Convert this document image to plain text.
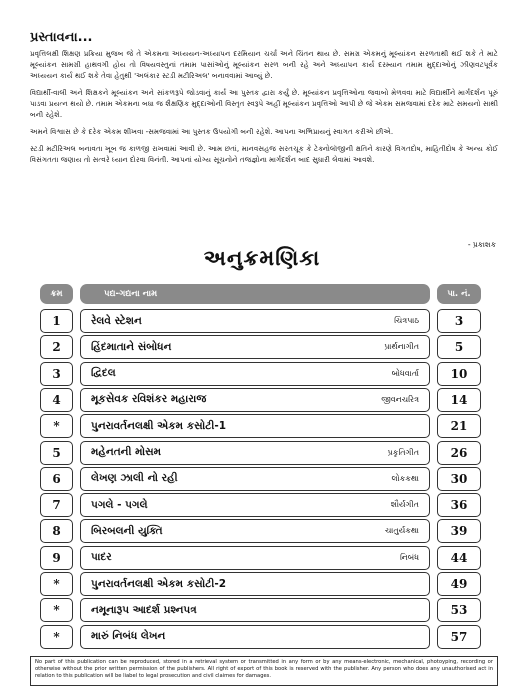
પ્રસ્તાવના...

પ્રવૃત્તિલક્ષી શિક્ષણ પ્રક્રિયા મુજબ જે તે એકમના અધ્યયન-અધ્યાપન દરમિયાન ચર્ચા અને ચિંતન થાય છે. સમગ્ર એકમનું મૂલ્યાંકન સરળતાથી થઈ શકે તે માટે મૂલ્યાંકન સામગ્રી હાથવગી હોય તો વિષયવસ્તુનાં તમામ પાસાંઓનું મૂલ્યાંકન સરળ બની રહે અને અધ્યાપન કાર્ય દરમ્યાન તમામ મુદ્દાઓનું ઝીણવટપૂર્વક અધ્યયન કાર્ય થઈ શકે તેવા હેતુથી 'અલંકાર સ્ટડી મટીરિઅલ' બનાવવામાં આવ્યું છે.

વિદ્યાર્થી-વાલી અને શિક્ષકને મૂલ્યાંકન અને સાંકળરૂપે જોડવાનું કાર્ય આ પુસ્તક દ્વારા કર્યું છે. મૂલ્યાંકન પ્રવૃત્તિઓના જવાબો મેળવવા માટે વિદ્યાર્થીને માર્ગદર્શન પૂરું પાડવા પ્રયત્ન થયો છે. તમામ એકમના બધા જ શૈક્ષણિક મુદ્દાઓની વિસ્તૃત સ્વરૂપે અહીં મૂલ્યાંકન પ્રવૃત્તિઓ આપી છે જે એકમ સમજવામાં દરેક માટે સમયનો સાથી બની રહેશે.

અમને વિશ્વાસ છે કે દરેક એકમ શીખવા -સમજવામાં આ પુસ્તક ઉપયોગી બની રહેશે. આપના અભિપ્રાયનું સ્વાગત કરીએ છીએ.

સ્ટડી મટીરિઅલ બનાવતા ખૂબ જ કાળજી રાખવામાં આવી છે. આમ છતાં, માનવસહજ સરતચૂક કે ટેક્નોલૉજીની ક્ષતિને કારણે વિગતદોષ, માહિતીદોષ કે અન્ય કોઈ વિસંગતતા જણાય તો સત્વરે ધ્યાન દોરવા વિનંતી. આપનાં યોગ્ય સૂચનોને તજજ્ઞોના માર્ગદર્શન બાદ સુધારી લેવામાં આવશે.

- પ્રકાશક
અનુક્રમણિકા
ક્રમ	પદ્ય-ગદ્યના નામ	પા. નં.
1	રેલવે સ્ટેશન	ચિત્રપાઠ	3
2	હિંદમાતાને સંબોધન	પ્રાર્થનાગીત	5
3	દ્વિદલ	બોધવાર્તા	10
4	મૂકસેવક રવિશંકર મહારાજ	જીવનચરિત્ર	14
*	પુનરાવર્તનલક્ષી એકમ કસોટી-1	21
5	મહેનતની મોસમ	પ્રકૃતિગીત	26
6	લેખણ ઝાલી નો રહી	લોકકથા	30
7	પગલે - પગલે	શૌર્યગીત	36
8	બિરબલની યુક્તિ	ચાતુર્યકથા	39
9	પાદર	નિબંધ	44
*	પુનરાવર્તનલક્ષી એકમ કસોટી-2	49
*	નમૂનારૂપ આદર્શ પ્રશ્નપત્ર	53
*	મારું નિબંધ લેખન	57
No part of this publication can be reproduced, stored in a retrieval system or transmitted in any form or by any means-electronic, mechanical, photoyping, recording or otherwise without the prior written permission of the publishers. All right of export of this book is reserved with the publisher. Any person who does any unauthorised act in relation to this publication will be liabel to legal prosecution and civil claimes for damages.
